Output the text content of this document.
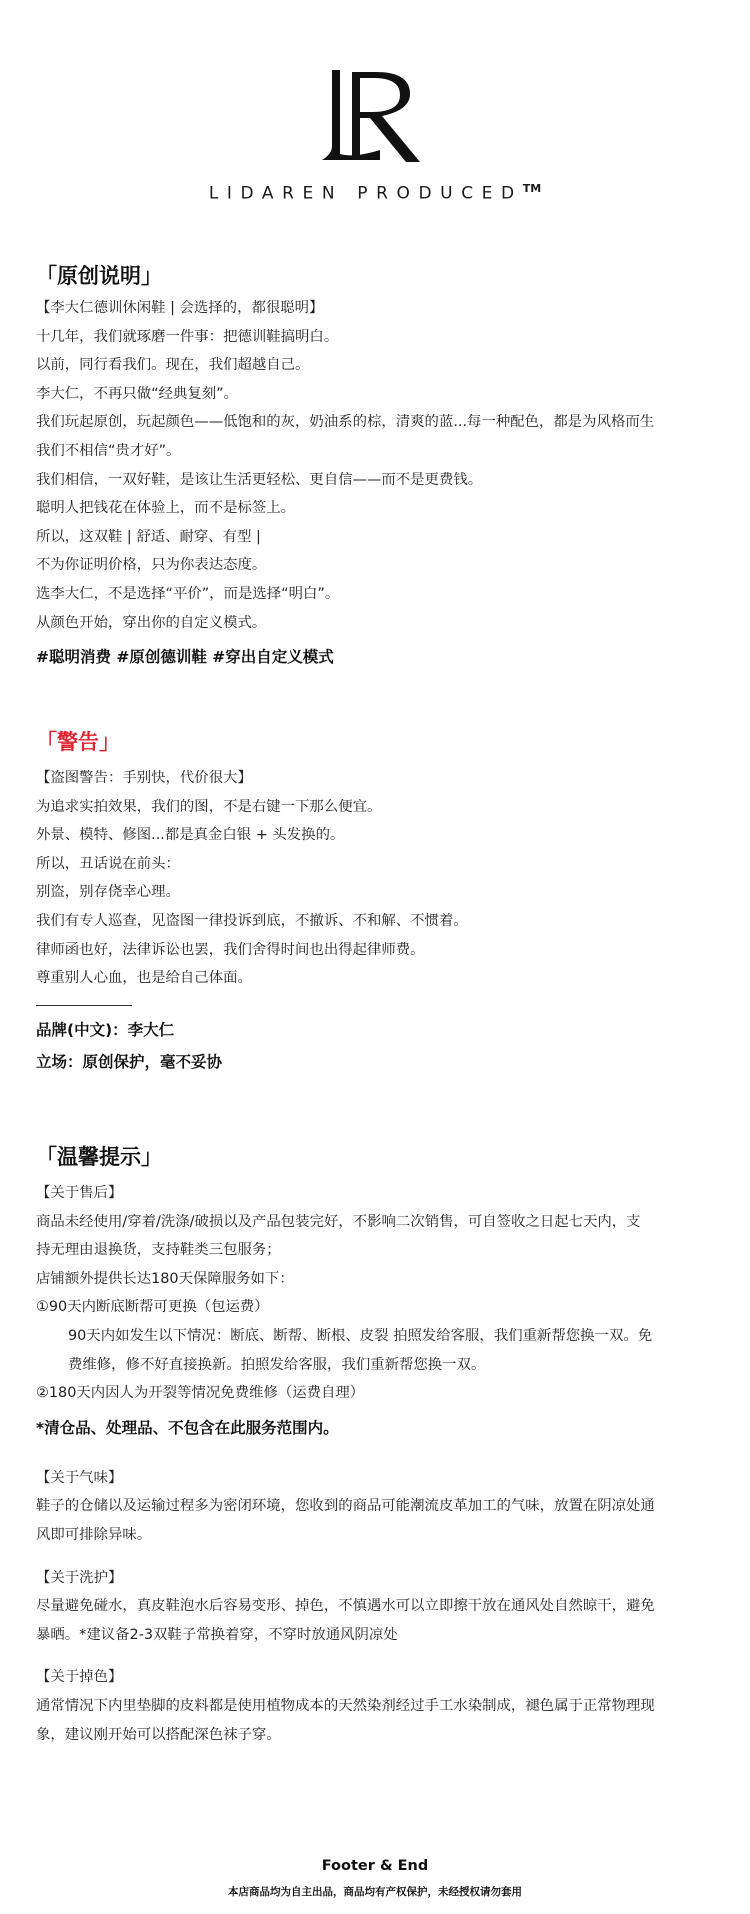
LIDAREN PRODUCED™
「原创说明」
【李大仁德训休闲鞋 | 会选择的，都很聪明】
十几年，我们就琢磨一件事：把德训鞋搞明白。
以前，同行看我们。现在，我们超越自己。
李大仁，不再只做“经典复刻”。
我们玩起原创，玩起颜色——低饱和的灰，奶油系的棕，清爽的蓝...每一种配色，都是为风格而生
我们不相信“贵才好”。
我们相信，一双好鞋，是该让生活更轻松、更自信——而不是更费钱。
聪明人把钱花在体验上，而不是标签上。
所以，这双鞋 | 舒适、耐穿、有型 |
不为你证明价格，只为你表达态度。
选李大仁，不是选择“平价”，而是选择“明白”。
从颜色开始，穿出你的自定义模式。
#聪明消费 #原创德训鞋 #穿出自定义模式
「警告」
【盗图警告：手别快，代价很大】
为追求实拍效果，我们的图，不是右键一下那么便宜。
外景、模特、修图...都是真金白银 + 头发换的。
所以，丑话说在前头：
别盗，别存侥幸心理。
我们有专人巡查，见盗图一律投诉到底，不撤诉、不和解、不惯着。
律师函也好，法律诉讼也罢，我们舍得时间也出得起律师费。
尊重别人心血，也是给自己体面。
品牌(中文)：李大仁
立场：原创保护，毫不妥协
「温馨提示」
【关于售后】
商品未经使用/穿着/洗涤/破损以及产品包装完好，不影响二次销售，可自签收之日起七天内，支
持无理由退换货，支持鞋类三包服务；
店铺额外提供长达180天保障服务如下：
①90天内断底断帮可更换（包运费）
90天内如发生以下情况：断底、断帮、断根、皮裂 拍照发给客服，我们重新帮您换一双。免
费维修，修不好直接换新。拍照发给客服，我们重新帮您换一双。
②180天内因人为开裂等情况免费维修（运费自理）
*清仓品、处理品、不包含在此服务范围内。
【关于气味】
鞋子的仓储以及运输过程多为密闭环境，您收到的商品可能潮流皮革加工的气味，放置在阴凉处通
风即可排除异味。
【关于洗护】
尽量避免碰水，真皮鞋泡水后容易变形、掉色，不慎遇水可以立即擦干放在通风处自然晾干，避免
暴晒。*建议备2-3双鞋子常换着穿，不穿时放通风阴凉处
【关于掉色】
通常情况下内里垫脚的皮料都是使用植物成本的天然染剂经过手工水染制成，褪色属于正常物理现
象，建议刚开始可以搭配深色袜子穿。
Footer & End
本店商品均为自主出品，商品均有产权保护，未经授权请勿套用
